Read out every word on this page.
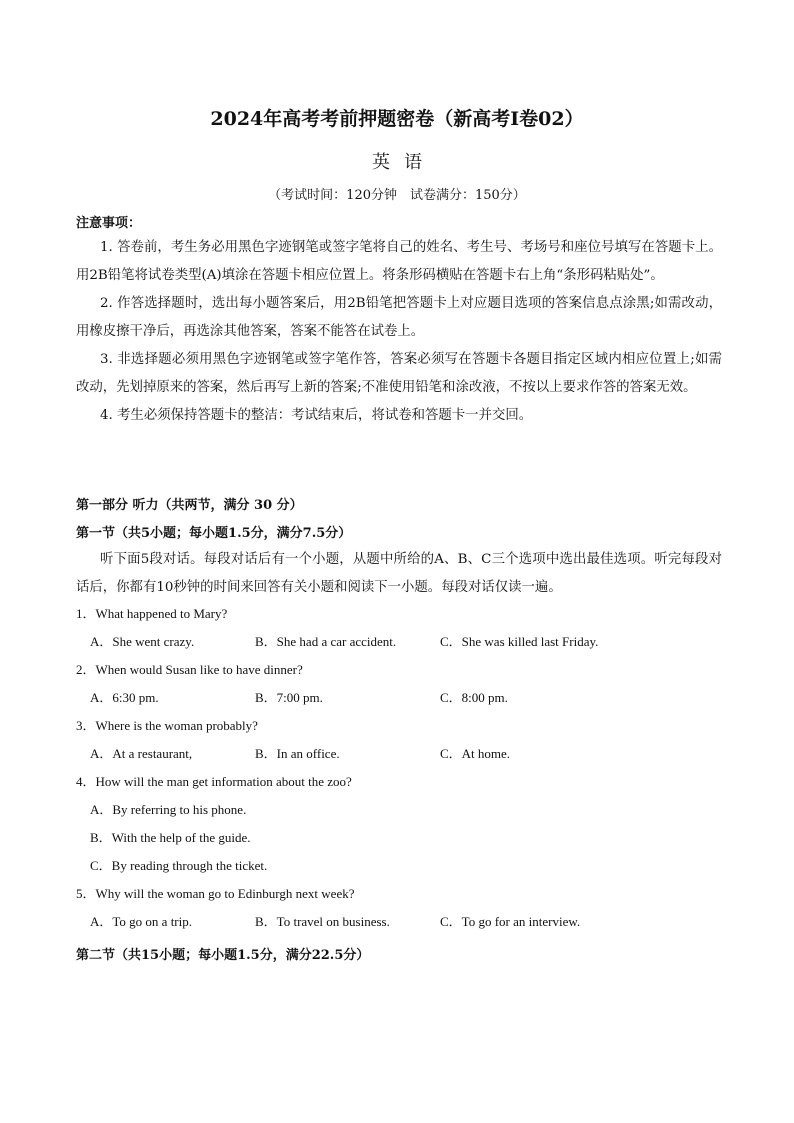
2024年高考考前押题密卷（新高考I卷02）
英语
（考试时间：120分钟　试卷满分：150分）
注意事项：
1. 答卷前，考生务必用黑色字迹钢笔或签字笔将自己的姓名、考生号、考场号和座位号填写在答题卡上。用2B铅笔将试卷类型(A)填涂在答题卡相应位置上。将条形码横贴在答题卡右上角“条形码粘贴处”。
2. 作答选择题时，选出每小题答案后，用2B铅笔把答题卡上对应题目选项的答案信息点涂黑;如需改动，用橡皮擦干净后，再选涂其他答案，答案不能答在试卷上。
3. 非选择题必须用黑色字迹钢笔或签字笔作答，答案必须写在答题卡各题目指定区域内相应位置上;如需改动，先划掉原来的答案，然后再写上新的答案;不准使用铅笔和涂改液，不按以上要求作答的答案无效。
4. 考生必须保持答题卡的整洁：考试结束后，将试卷和答题卡一并交回。
第一部分 听力（共两节，满分 30 分）
第一节（共5小题；每小题1.5分，满分7.5分）
听下面5段对话。每段对话后有一个小题，从题中所给的A、B、C三个选项中选出最佳选项。听完每段对话后，你都有10秒钟的时间来回答有关小题和阅读下一小题。每段对话仅读一遍。
1．What happened to Mary?
A．She went crazy.	B．She had a car accident.	C．She was killed last Friday.
2．When would Susan like to have dinner?
A．6:30 pm.	B．7:00 pm.	C．8:00 pm.
3．Where is the woman probably?
A．At a restaurant,	B．In an office.	C．At home.
4．How will the man get information about the zoo?
A．By referring to his phone.
B．With the help of the guide.
C．By reading through the ticket.
5．Why will the woman go to Edinburgh next week?
A．To go on a trip.	B．To travel on business.	C．To go for an interview.
第二节（共15小题；每小题1.5分，满分22.5分）
